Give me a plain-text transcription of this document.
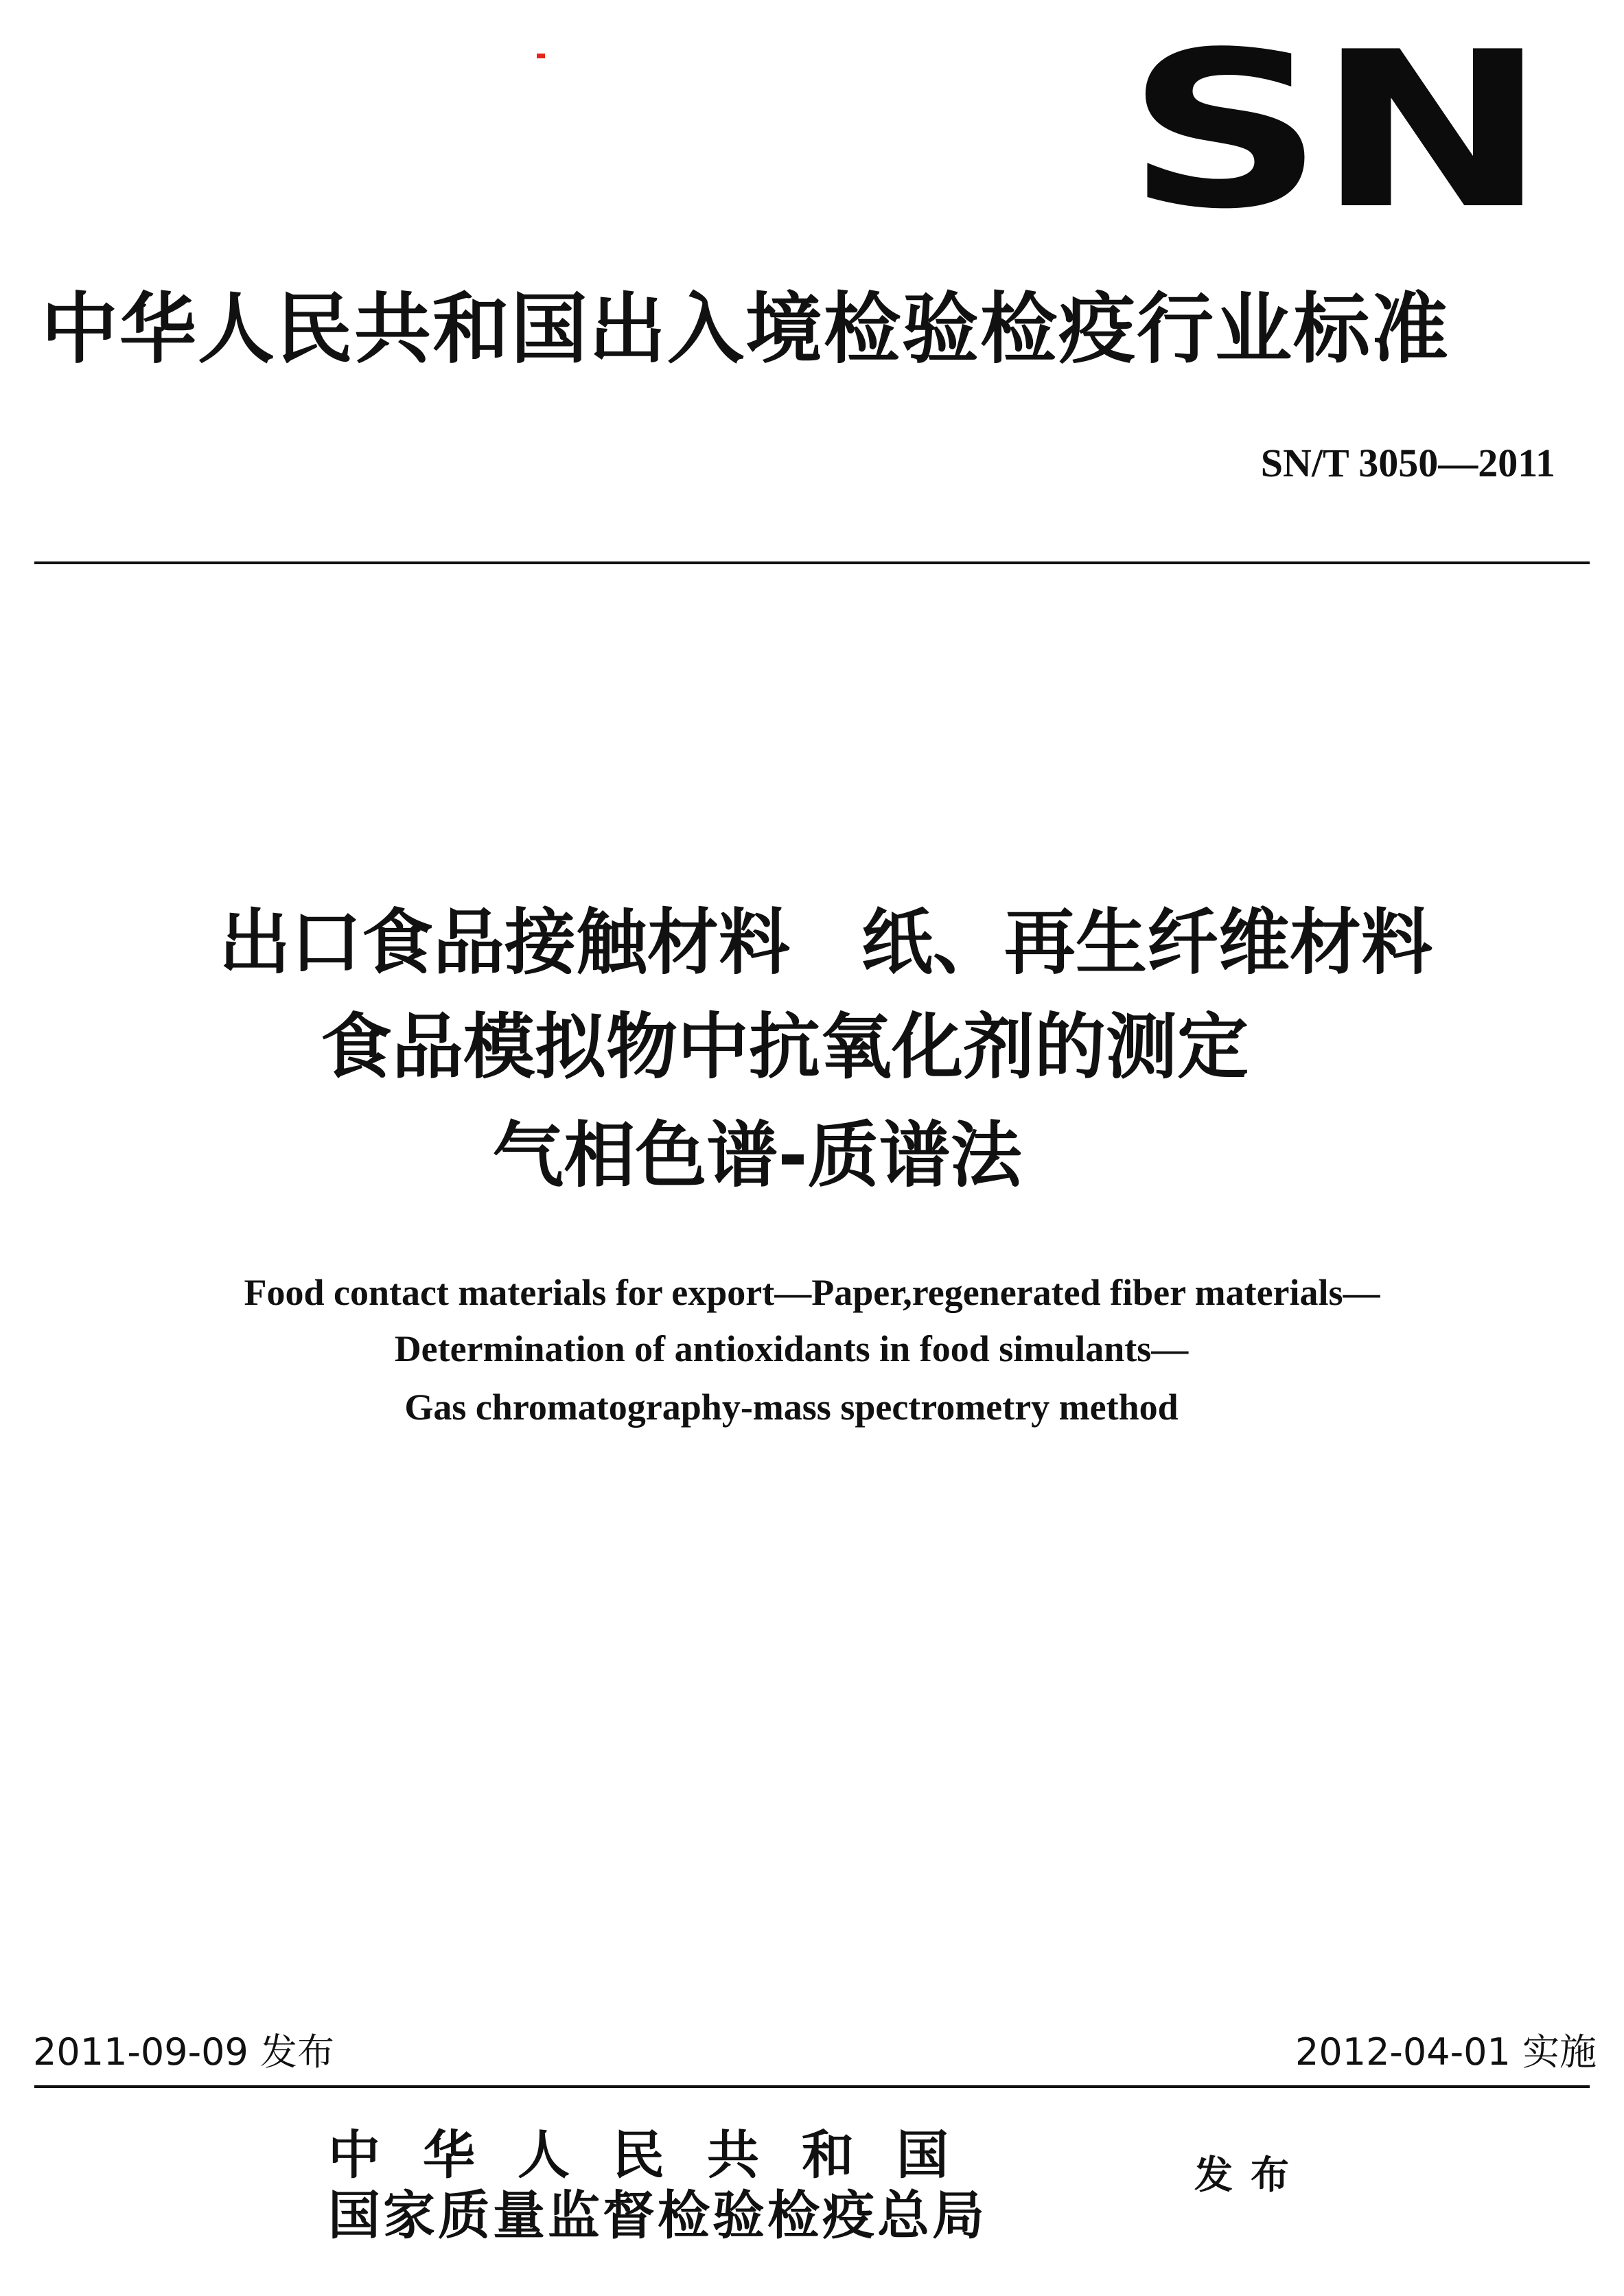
SN
中华人民共和国出入境检验检疫行业标准
SN/T 3050—2011
出口食品接触材料　纸、再生纤维材料
食品模拟物中抗氧化剂的测定
气相色谱-质谱法
Food contact materials for export—Paper,regenerated fiber materials—
Determination of antioxidants in food simulants—
Gas chromatography-mass spectrometry method
2011-09-09 发布	2012-04-01 实施
中华人民共和国
国家质量监督检验检疫总局
发布
